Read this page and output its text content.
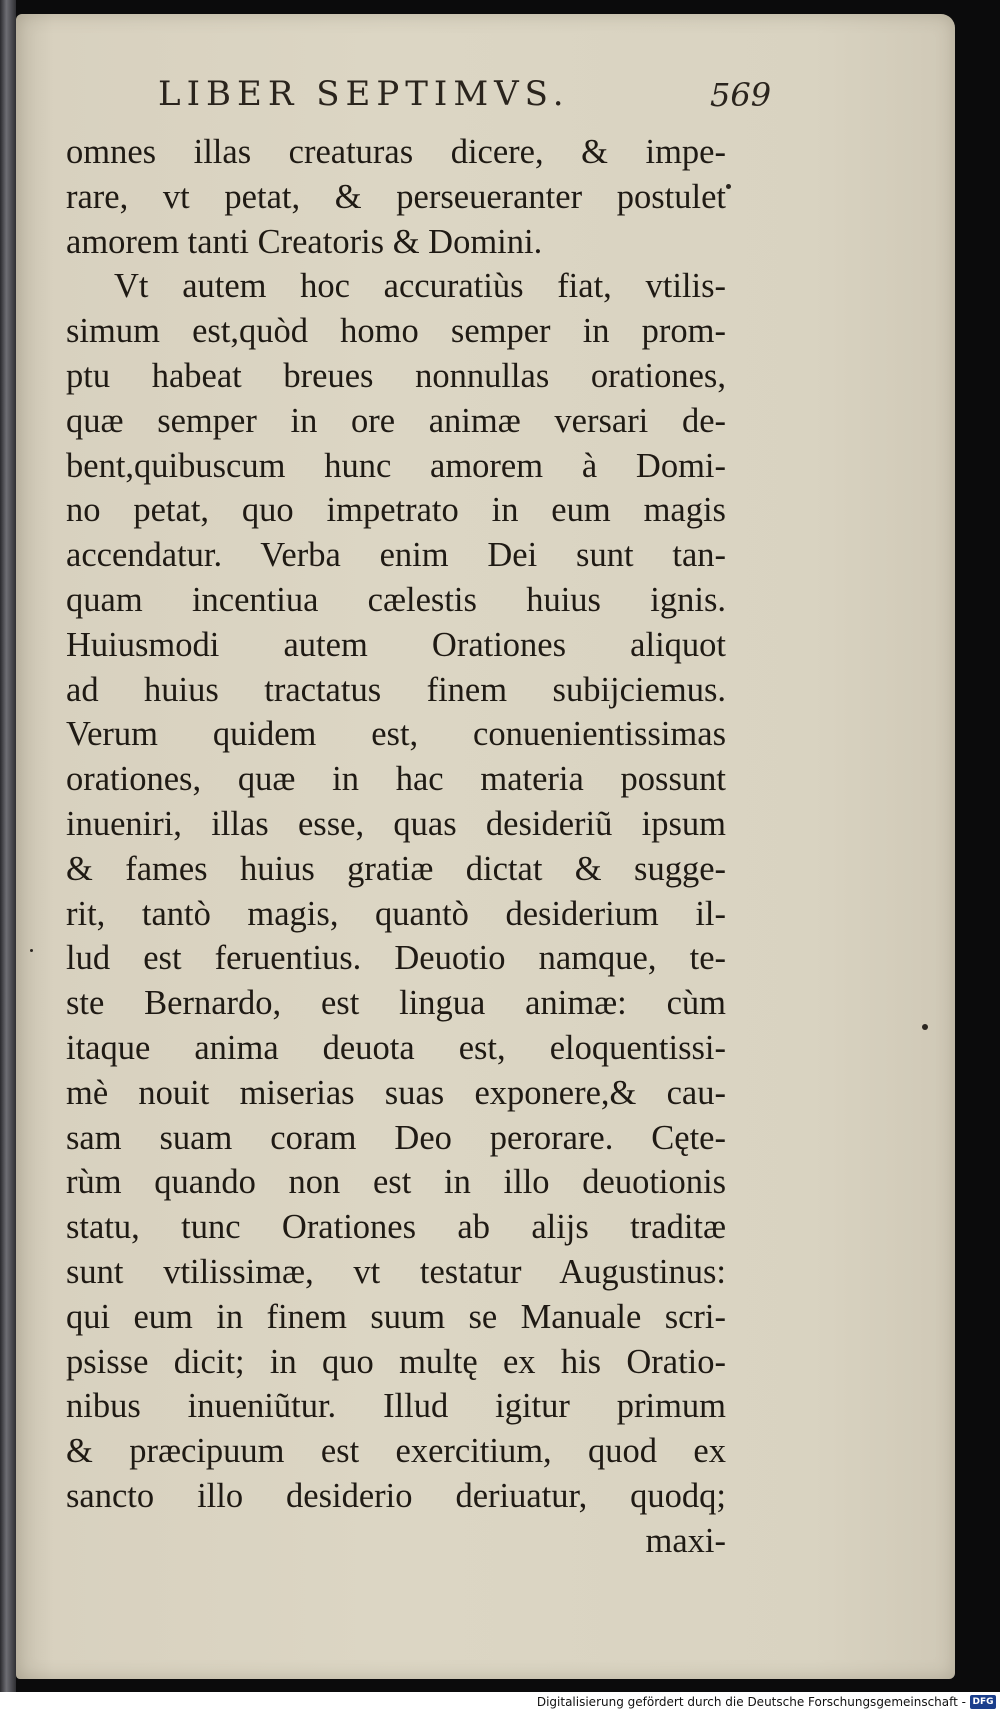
LIBER SEPTIMVS.	569
omnes illas creaturas dicere, & impe-
rare, vt petat, & perseueranter postulet
amorem tanti Creatoris & Domini.
Vt autem hoc accuratiùs fiat, vtilis-
simum est,quòd homo semper in prom-
ptu habeat breues nonnullas orationes,
quæ semper in ore animæ versari de-
bent,quibuscum hunc amorem à Domi-
no petat, quo impetrato in eum magis
accendatur. Verba enim Dei sunt tan-
quam incentiua cælestis huius ignis.
Huiusmodi autem Orationes aliquot
ad huius tractatus finem subijciemus.
Verum quidem est, conuenientissimas
orationes, quæ in hac materia possunt
inueniri, illas esse, quas desideriũ ipsum
& fames huius gratiæ dictat & sugge-
rit, tantò magis, quantò desiderium il-
lud est feruentius. Deuotio namque, te-
ste Bernardo, est lingua animæ: cùm
itaque anima deuota est, eloquentissi-
mè nouit miserias suas exponere,& cau-
sam suam coram Deo perorare. Cęte-
rùm quando non est in illo deuotionis
statu, tunc Orationes ab alijs traditæ
sunt vtilissimæ, vt testatur Augustinus:
qui eum in finem suum se Manuale scri-
psisse dicit; in quo multę ex his Oratio-
nibus inueniũtur. Illud igitur primum
& præcipuum est exercitium, quod ex
sancto illo desiderio deriuatur, quodq;
maxi-
Digitalisierung gefördert durch die Deutsche Forschungsgemeinschaft - DFG
